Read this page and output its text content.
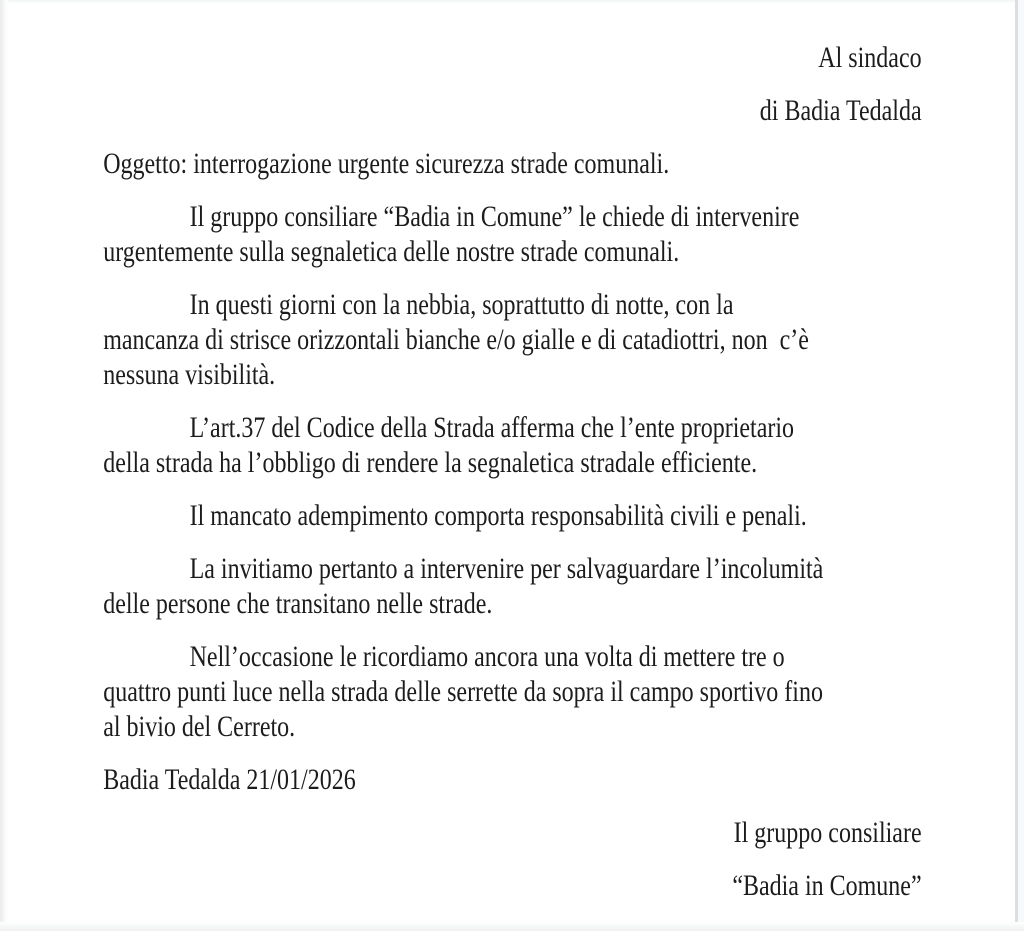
Al sindaco
di Badia Tedalda
Oggetto: interrogazione urgente sicurezza strade comunali.
Il gruppo consiliare “Badia in Comune” le chiede di intervenire
urgentemente sulla segnaletica delle nostre strade comunali.
In questi giorni con la nebbia, soprattutto di notte, con la
mancanza di strisce orizzontali bianche e/o gialle e di catadiottri, non  c’è
nessuna visibilità.
L’art.37 del Codice della Strada afferma che l’ente proprietario
della strada ha l’obbligo di rendere la segnaletica stradale efficiente.
Il mancato adempimento comporta responsabilità civili e penali.
La invitiamo pertanto a intervenire per salvaguardare l’incolumità
delle persone che transitano nelle strade.
Nell’occasione le ricordiamo ancora una volta di mettere tre o
quattro punti luce nella strada delle serrette da sopra il campo sportivo fino
al bivio del Cerreto.
Badia Tedalda 21/01/2026
Il gruppo consiliare
“Badia in Comune”
